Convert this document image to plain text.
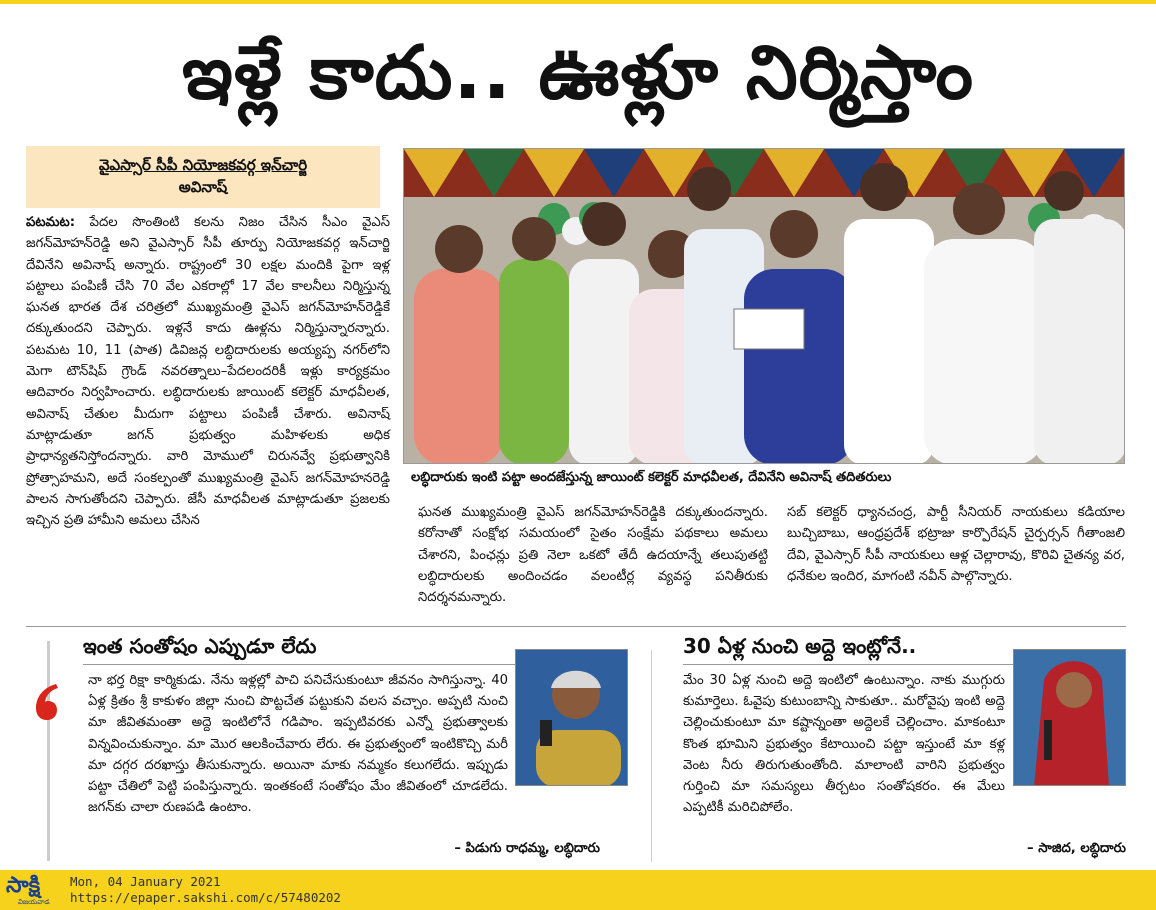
ఇళ్లే కాదు.. ఊళ్లూ నిర్మిస్తాం
వైఎస్సార్ సీపీ నియోజకవర్గ ఇన్‌చార్జి
అవినాష్
లబ్ధిదారుకు ఇంటి పట్టా అందజేస్తున్న జాయింట్ కలెక్టర్ మాధవీలత, దేవినేని అవినాష్ తదితరులు

పటమట: పేదల సొంతింటి కలను నిజం చేసిన సీఎం వైఎస్ జగన్‌మోహన్‌రెడ్డి అని వైఎస్సార్ సీపీ తూర్పు నియోజకవర్గ ఇన్‌చార్జి దేవినేని అవినాష్ అన్నారు. రాష్ట్రంలో 30 లక్షల మందికి పైగా ఇళ్ల పట్టాలు పంపిణీ చేసి 70 వేల ఎకరాల్లో 17 వేల కాలనీలు నిర్మిస్తున్న ఘనత భారత దేశ చరిత్రలో ముఖ్యమంత్రి వైఎస్ జగన్‌మోహన్‌రెడ్డికే దక్కుతుందని చెప్పారు. ఇళ్లనే కాదు ఊళ్లను నిర్మిస్తున్నారన్నారు. పటమట 10, 11 (పాత) డివిజన్ల లబ్ధిదారులకు అయ్యప్ప నగర్‌లోని మెగా టౌన్‌షిప్ గ్రౌండ్ నవరత్నాలు–పేదలందరికీ ఇళ్లు కార్యక్రమం ఆదివారం నిర్వహించారు. లబ్ధిదారులకు జాయింట్ కలెక్టర్ మాధవీలత, అవినాష్ చేతుల మీదుగా పట్టాలు పంపిణీ చేశారు. అవినాష్ మాట్లాడుతూ జగన్ ప్రభుత్వం మహిళలకు అధిక ప్రాధాన్యతనిస్తోందన్నారు. వారి మోములో చిరునవ్వే ప్రభుత్వానికి ప్రోత్సాహమని, అదే సంకల్పంతో ముఖ్యమంత్రి వైఎస్ జగన్‌మోహనరెడ్డి పాలన సాగుతోందని చెప్పారు. జేసీ మాధవీలత మాట్లాడుతూ ప్రజలకు ఇచ్చిన ప్రతి హామీని అమలు చేసిన

ఘనత ముఖ్యమంత్రి వైఎస్ జగన్‌మోహన్‌రెడ్డికి దక్కుతుందన్నారు. కరోనాతో సంక్షోభ సమయంలో సైతం సంక్షేమ పథకాలు అమలు చేశారని, పింఛన్లు ప్రతి నెలా ఒకటో తేదీ ఉదయాన్నే తలుపుతట్టి లబ్ధిదారులకు అందించడం వలంటీర్ల వ్యవస్థ పనితీరుకు నిదర్శనమన్నారు.

సబ్ కలెక్టర్ ధ్యానచంద్ర, పార్టీ సీనియర్ నాయకులు కడియాల బుచ్చిబాబు, ఆంధ్రప్రదేశ్ భట్రాజు కార్పొరేషన్ చైర్పర్సన్ గీతాంజలి దేవి, వైఎస్సార్ సీపీ నాయకులు ఆళ్ల చెల్లారావు, కొరివి చైతన్య వర, ధనేకుల ఇందిర, మాగంటి నవీన్ పాల్గొన్నారు.

ఇంత సంతోషం ఎప్పుడూ లేదు

నా భర్త రిక్షా కార్మికుడు. నేను ఇళ్లల్లో పాచి పనిచేసుకుంటూ జీవనం సాగిస్తున్నా. 40 ఏళ్ల క్రితం శ్రీ కాకుళం జిల్లా నుంచి పొట్టచేత పట్టుకుని వలస వచ్చాం. అప్పటి నుంచి మా జీవితమంతా అద్దె ఇంటిలోనే గడిపాం. ఇప్పటివరకు ఎన్నో ప్రభుత్వాలకు విన్నవించుకున్నాం. మా మొర ఆలకించేవారు లేరు. ఈ ప్రభుత్వంలో ఇంటికొచ్చి మరీ మా దగ్గర దరఖాస్తు తీసుకున్నారు. అయినా మాకు నమ్మకం కలుగలేదు. ఇప్పుడు పట్టా చేతిలో పెట్టి పంపిస్తున్నారు. ఇంతకంటే సంతోషం మేం జీవితంలో చూడలేదు. జగన్‌కు చాలా రుణపడి ఉంటాం.

– పిడుగు రాధమ్మ, లబ్ధిదారు
30 ఏళ్ల నుంచి అద్దె ఇంట్లోనే..

మేం 30 ఏళ్ల నుంచి అద్దె ఇంటిలో ఉంటున్నాం. నాకు ముగ్గురు కుమార్తెలు. ఓవైపు కుటుంబాన్ని సాకుతూ.. మరోవైపు ఇంటి అద్దె చెల్లించుకుంటూ మా కష్టాన్నంతా అద్దెలకే చెల్లించాం. మాకంటూ కొంత భూమిని ప్రభుత్వం కేటాయించి పట్టా ఇస్తుంటే మా కళ్ల వెంట నీరు తిరుగుతుంతోంది. మాలాంటి వారిని ప్రభుత్వం గుర్తించి మా సమస్యలు తీర్చటం సంతోషకరం. ఈ మేలు ఎప్పటికీ మరిచిపోలేం.

– సాజిద, లబ్ధిదారు
సాక్షి
విజయవాడ
Mon, 04 January 2021
https://epaper.sakshi.com/c/57480202
